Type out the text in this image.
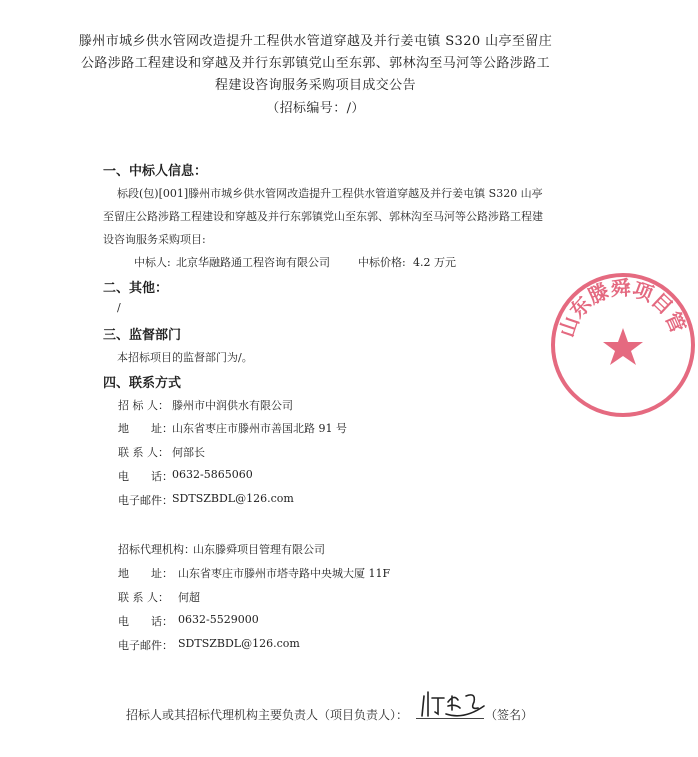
滕州市城乡供水管网改造提升工程供水管道穿越及并行姜屯镇 S320 山亭至留庄
公路涉路工程建设和穿越及并行东郭镇党山至东郭、郭林沟至马河等公路涉路工
程建设咨询服务采购项目成交公告
（招标编号：/）
一、中标人信息：
标段(包)[001]滕州市城乡供水管网改造提升工程供水管道穿越及并行姜屯镇 S320 山亭
至留庄公路涉路工程建设和穿越及并行东郭镇党山至东郭、郭林沟至马河等公路涉路工程建
设咨询服务采购项目:
中标人: 北京华融路通工程咨询有限公司	中标价格: 4.2 万元
二、其他：
/
三、监督部门
本招标项目的监督部门为/。
四、联系方式
招 标 人： 滕州市中润供水有限公司
地　　址： 山东省枣庄市滕州市善国北路 91 号
联 系 人： 何部长
电　　话： 0632-5865060
电子邮件： SDTSZBDL@126.com
招标代理机构：
山东滕舜项目管理有限公司
地　　址： 山东省枣庄市滕州市塔寺路中央城大厦 11F
联 系 人： 何超
电　　话： 0632-5529000
电子邮件： SDTSZBDL@126.com
招标人或其招标代理机构主要负责人（项目负责人）：	（签名）
山东滕舜项目管
